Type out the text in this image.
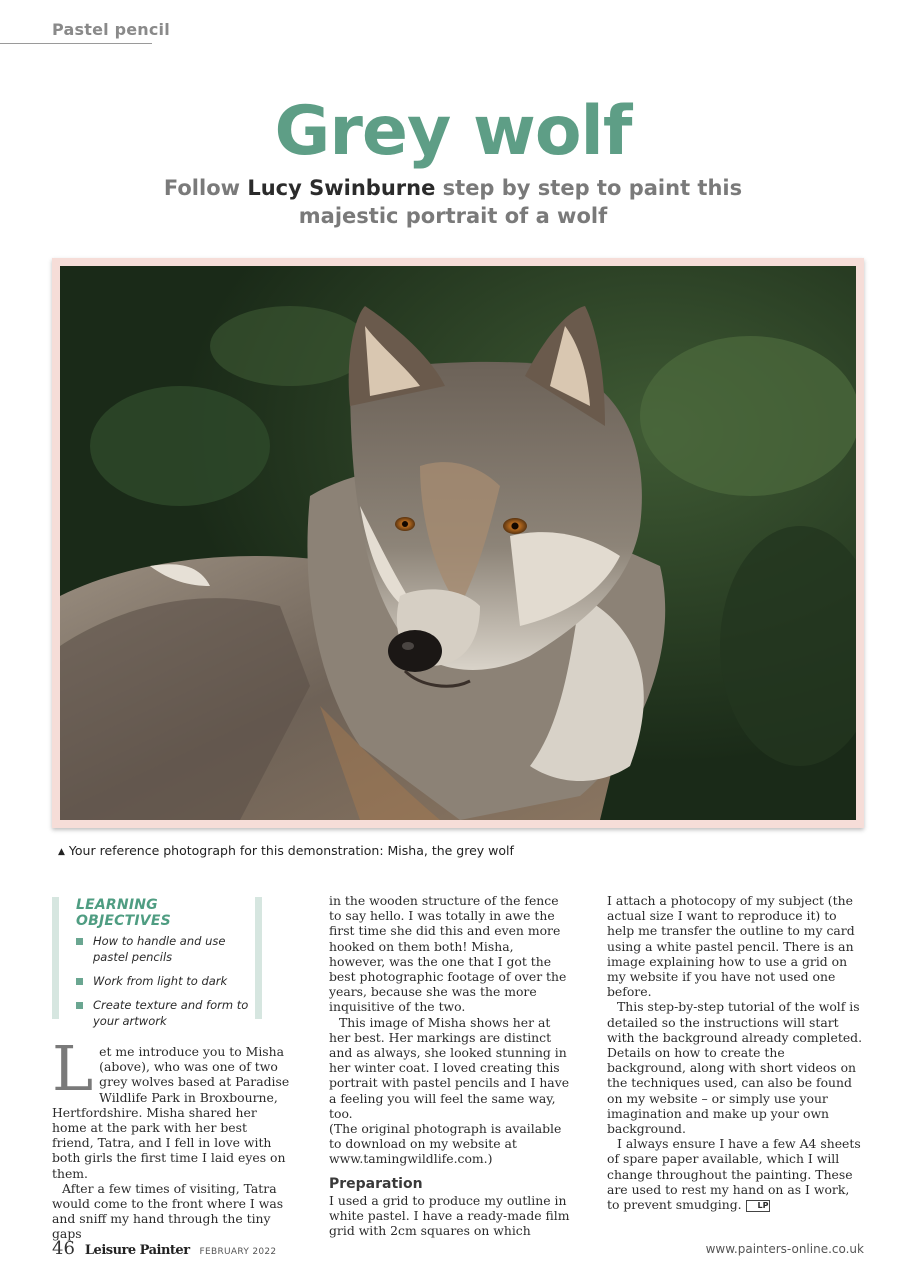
Pastel pencil
Grey wolf
Follow Lucy Swinburne step by step to paint this majestic portrait of a wolf
▲ Your reference photograph for this demonstration: Misha, the grey wolf
LEARNING OBJECTIVES
How to handle and use pastel pencils
Work from light to dark
Create texture and form to your artwork

Let me introduce you to Misha (above), who was one of two grey wolves based at Paradise Wildlife Park in Broxbourne, Hertfordshire. Misha shared her home at the park with her best friend, Tatra, and I fell in love with both girls the first time I laid eyes on them.

After a few times of visiting, Tatra would come to the front where I was and sniff my hand through the tiny gaps

in the wooden structure of the fence to say hello. I was totally in awe the first time she did this and even more hooked on them both! Misha, however, was the one that I got the best photographic footage of over the years, because she was the more inquisitive of the two.

This image of Misha shows her at her best. Her markings are distinct and as always, she looked stunning in her winter coat. I loved creating this portrait with pastel pencils and I have a feeling you will feel the same way, too.

(The original photograph is available to download on my website at www.tamingwildlife.com.)

Preparation

I used a grid to produce my outline in white pastel. I have a ready-made film grid with 2cm squares on which

I attach a photocopy of my subject (the actual size I want to reproduce it) to help me transfer the outline to my card using a white pastel pencil. There is an image explaining how to use a grid on my website if you have not used one before.

This step-by-step tutorial of the wolf is detailed so the instructions will start with the background already completed. Details on how to create the background, along with short videos on the techniques used, can also be found on my website – or simply use your imagination and make up your own background.

I always ensure I have a few A4 sheets of spare paper available, which I will change throughout the painting. These are used to rest my hand on as I work, to prevent smudging. LP

46 Leisure Painter FEBRUARY 2022	www.painters-online.co.uk
